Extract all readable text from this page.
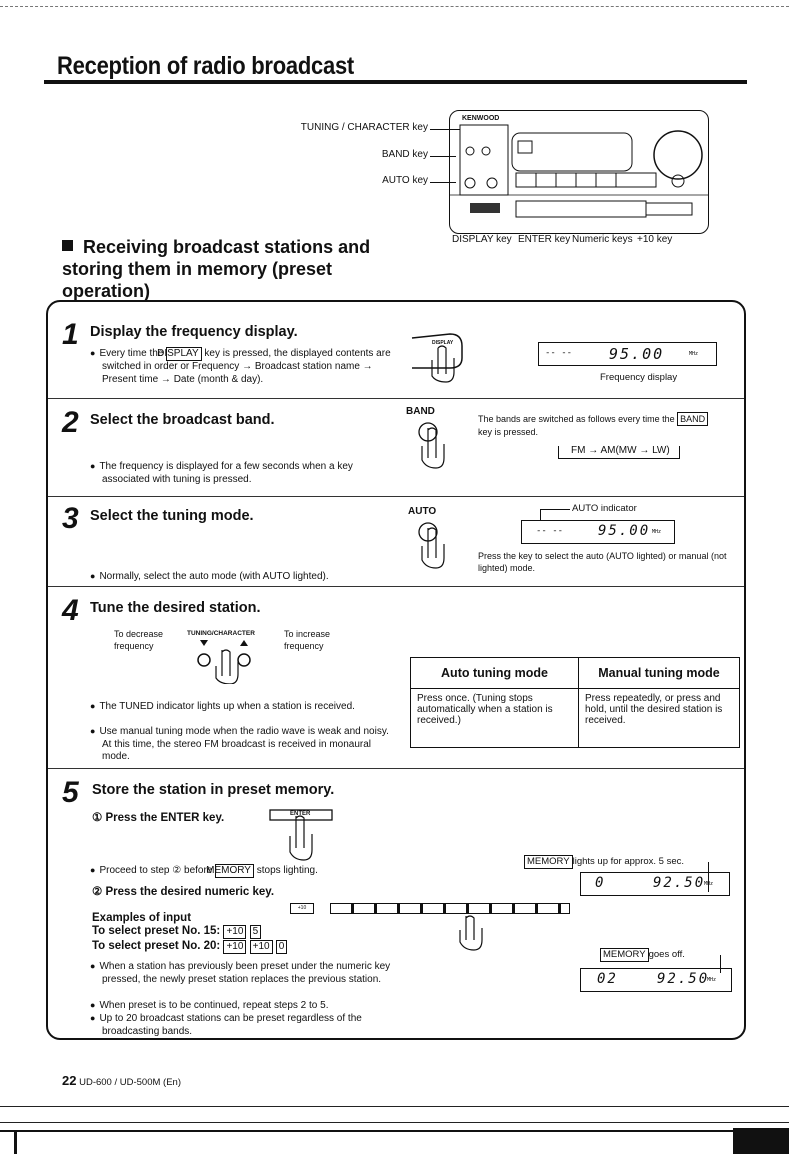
Reception of radio broadcast
TUNING / CHARACTER key
BAND key
AUTO key
KENWOOD
DISPLAY key ENTER key Numeric keys +10 key
Receiving broadcast stations and storing them in memory (preset operation)
1 Display the frequency display.
● Every time the DISPLAY key is pressed, the displayed contents are switched in order or Frequency → Broadcast station name → Present time → Date (month & day).
DISPLAY
-- -- 95.00	MHz
Frequency display
2 Select the broadcast band.
BAND
The bands are switched as follows every time the BAND key is pressed.
FM → AM(MW → LW)
● The frequency is displayed for a few seconds when a key associated with tuning is pressed.
3 Select the tuning mode.	AUTO	AUTO indicator
-- -- 95.00 MHz
Press the key to select the auto (AUTO lighted) or manual (not lighted) mode.
● Normally, select the auto mode (with AUTO lighted).
4 Tune the desired station.
To decrease frequency
To increase frequency
TUNING/CHARACTER
● The TUNED indicator lights up when a station is received.
● Use manual tuning mode when the radio wave is weak and noisy. At this time, the stereo FM broadcast is received in monaural mode.
Auto tuning mode	Manual tuning mode
Press once. (Tuning stops automatically when a station is received.)	Press repeatedly, or press and hold, until the desired station is received.
5 Store the station in preset memory.
① Press the ENTER key.	ENTER
● Proceed to step ② before MEMORY stops lighting.
② Press the desired numeric key.
+10
Examples of input
To select preset No. 15: +10 5
To select preset No. 20: +10 +10 0
● When a station has previously been preset under the numeric key pressed, the newly preset station replaces the previous station.
● When preset is to be continued, repeat steps 2 to 5.
● Up to 20 broadcast stations can be preset regardless of the broadcasting bands.
MEMORY lights up for approx. 5 sec.
0	92.50
MHz
MEMORY goes off.
02	92.50
MHz
22 UD-600 / UD-500M (En)
